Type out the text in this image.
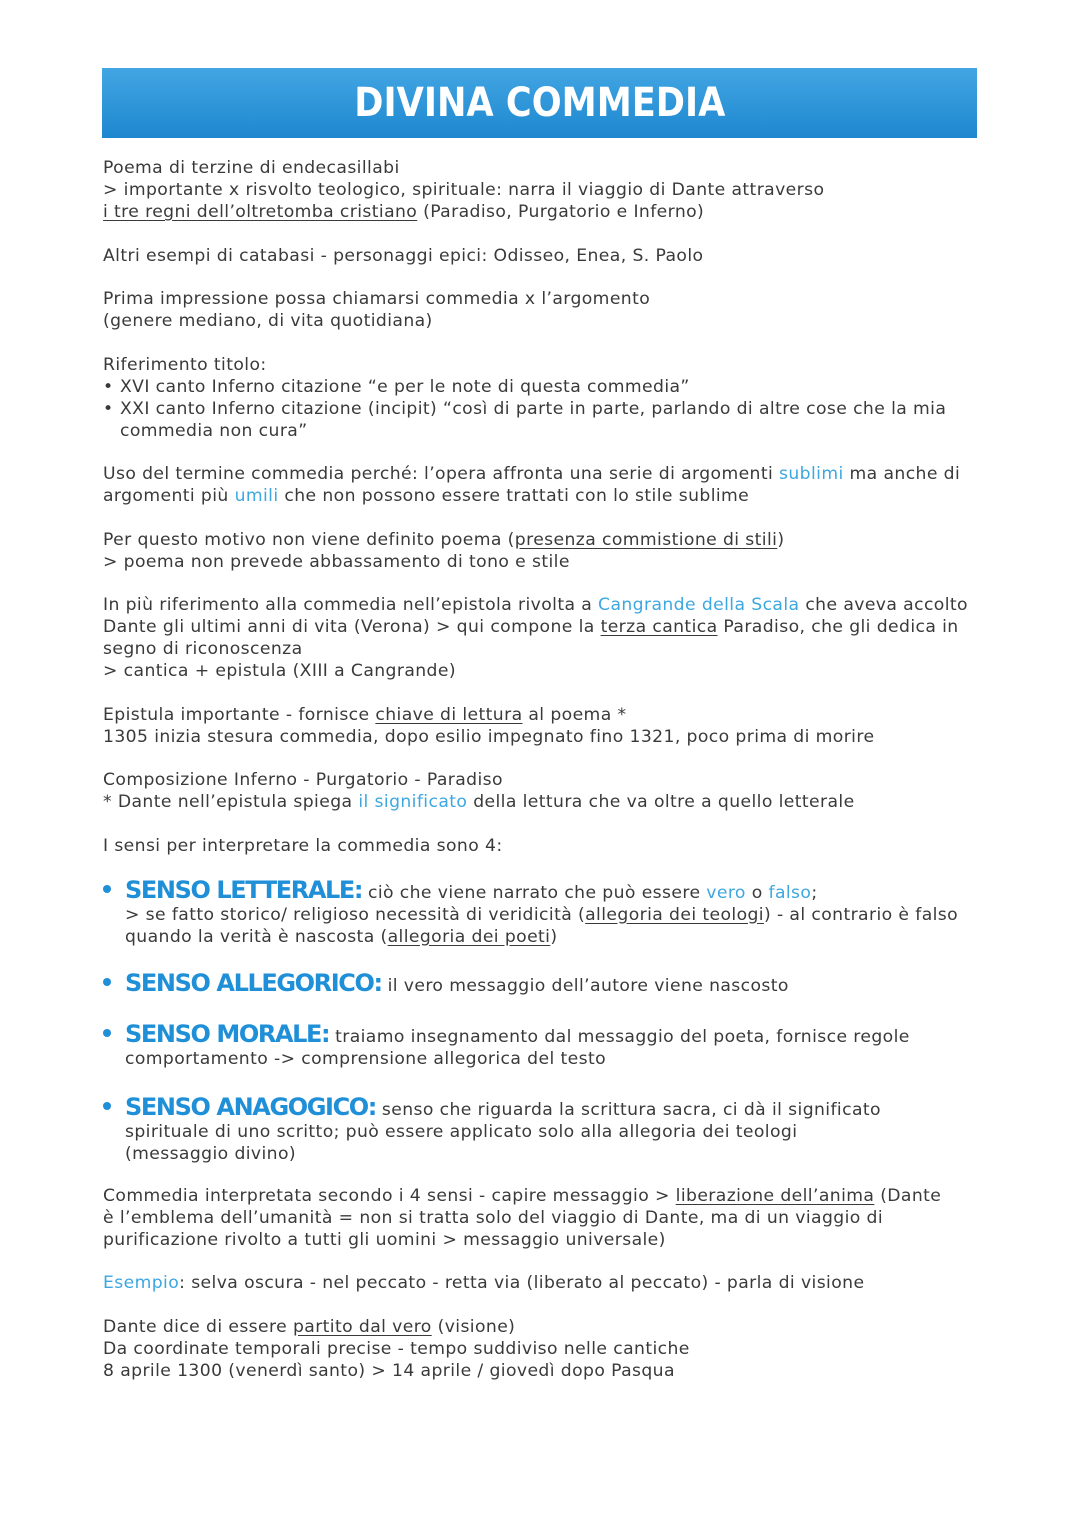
DIVINA COMMEDIA

Poema di terzine di endecasillabi
> importante x risvolto teologico, spirituale: narra il viaggio di Dante attraverso
i tre regni dell’oltretomba cristiano (Paradiso, Purgatorio e Inferno)

Altri esempi di catabasi - personaggi epici: Odisseo, Enea, S. Paolo

Prima impressione possa chiamarsi commedia x l’argomento
(genere mediano, di vita quotidiana)

Riferimento titolo:
• XVI canto Inferno citazione “e per le note di questa commedia”
• XXI canto Inferno citazione (incipit) “così di parte in parte, parlando di altre cose che la mia commedia non cura”

Uso del termine commedia perché: l’opera affronta una serie di argomenti sublimi ma anche di argomenti più umili che non possono essere trattati con lo stile sublime

Per questo motivo non viene definito poema (presenza commistione di stili)
> poema non prevede abbassamento di tono e stile

In più riferimento alla commedia nell’epistola rivolta a Cangrande della Scala che aveva accolto Dante gli ultimi anni di vita (Verona) > qui compone la terza cantica Paradiso, che gli dedica in segno di riconoscenza
> cantica + epistula (XIII a Cangrande)

Epistula importante - fornisce chiave di lettura al poema *
1305 inizia stesura commedia, dopo esilio impegnato fino 1321, poco prima di morire

Composizione Inferno - Purgatorio - Paradiso
* Dante nell’epistula spiega il significato della lettura che va oltre a quello letterale

I sensi per interpretare la commedia sono 4:

SENSO LETTERALE: ciò che viene narrato che può essere vero o falso;
> se fatto storico/ religioso necessità di veridicità (allegoria dei teologi) - al contrario è falso quando la verità è nascosta (allegoria dei poeti)
SENSO ALLEGORICO: il vero messaggio dell’autore viene nascosto
SENSO MORALE: traiamo insegnamento dal messaggio del poeta, fornisce regole comportamento -> comprensione allegorica del testo
SENSO ANAGOGICO: senso che riguarda la scrittura sacra, ci dà il significato spirituale di uno scritto; può essere applicato solo alla allegoria dei teologi (messaggio divino)

Commedia interpretata secondo i 4 sensi - capire messaggio > liberazione dell’anima (Dante è l’emblema dell’umanità = non si tratta solo del viaggio di Dante, ma di un viaggio di purificazione rivolto a tutti gli uomini > messaggio universale)

Esempio: selva oscura - nel peccato - retta via (liberato al peccato) - parla di visione

Dante dice di essere partito dal vero (visione)
Da coordinate temporali precise - tempo suddiviso nelle cantiche
8 aprile 1300 (venerdì santo) > 14 aprile / giovedì dopo Pasqua
